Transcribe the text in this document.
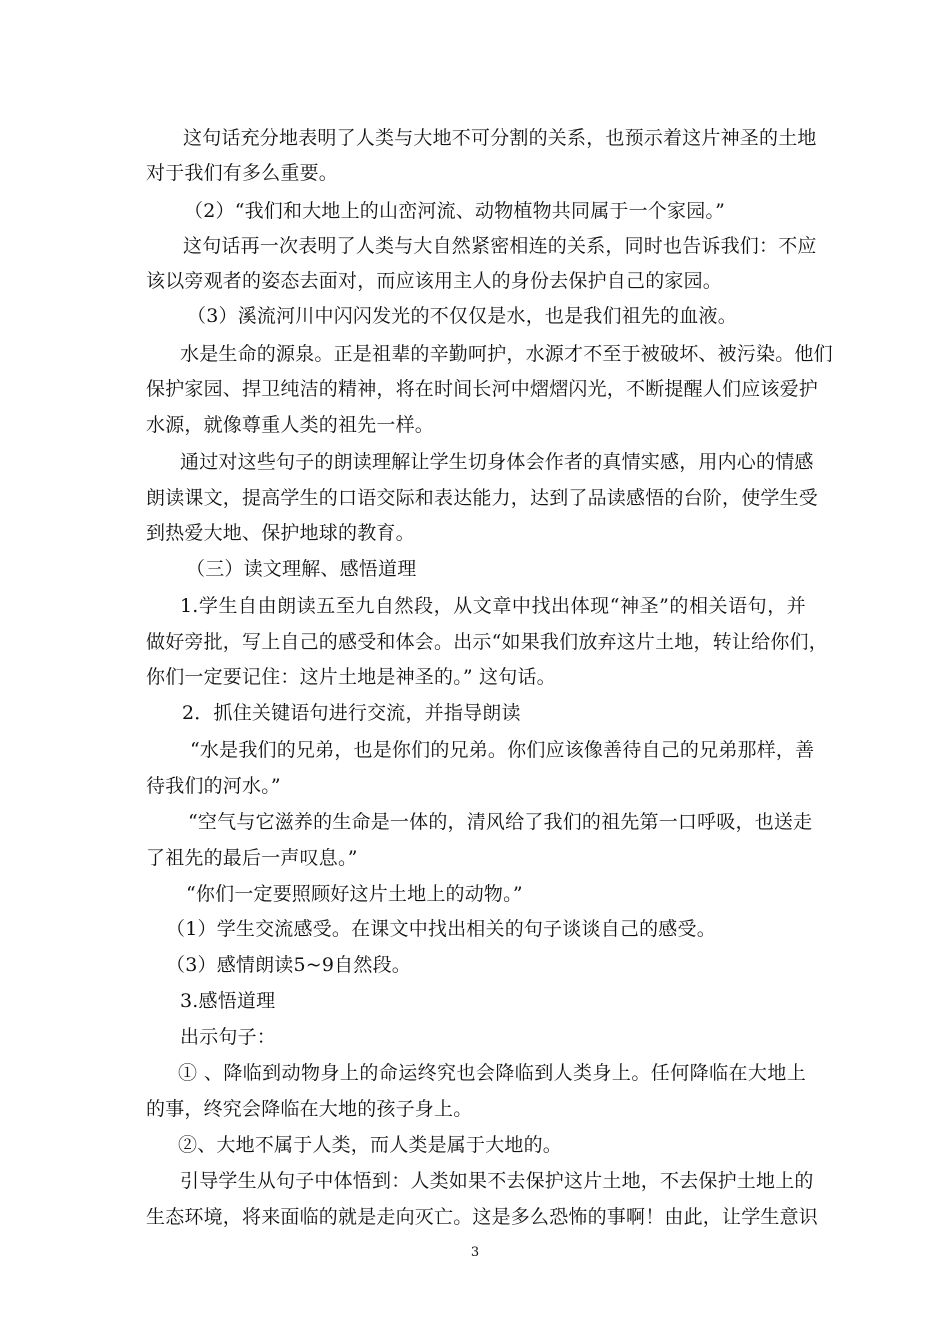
这句话充分地表明了人类与大地不可分割的关系，也预示着这片神圣的土地
对于我们有多么重要。
（2）“我们和大地上的山峦河流、动物植物共同属于一个家园。”
这句话再一次表明了人类与大自然紧密相连的关系，同时也告诉我们：不应
该以旁观者的姿态去面对，而应该用主人的身份去保护自己的家园。
（3）溪流河川中闪闪发光的不仅仅是水，也是我们祖先的血液。
水是生命的源泉。正是祖辈的辛勤呵护，水源才不至于被破坏、被污染。他们
保护家园、捍卫纯洁的精神，将在时间长河中熠熠闪光，不断提醒人们应该爱护
水源，就像尊重人类的祖先一样。
通过对这些句子的朗读理解让学生切身体会作者的真情实感，用内心的情感
朗读课文，提高学生的口语交际和表达能力，达到了品读感悟的台阶，使学生受
到热爱大地、保护地球的教育。
（三）读文理解、感悟道理
1.学生自由朗读五至九自然段，从文章中找出体现“神圣”的相关语句，并
做好旁批，写上自己的感受和体会。出示“如果我们放弃这片土地，转让给你们，
你们一定要记住：这片土地是神圣的。” 这句话。
2．抓住关键语句进行交流，并指导朗读
“水是我们的兄弟，也是你们的兄弟。你们应该像善待自己的兄弟那样，善
待我们的河水。”
“空气与它滋养的生命是一体的，清风给了我们的祖先第一口呼吸，也送走
了祖先的最后一声叹息。”
“你们一定要照顾好这片土地上的动物。”
（1）学生交流感受。在课文中找出相关的句子谈谈自己的感受。
（3）感情朗读5~9自然段。
3.感悟道理
出示句子：
① 、降临到动物身上的命运终究也会降临到人类身上。任何降临在大地上
的事，终究会降临在大地的孩子身上。
②、大地不属于人类，而人类是属于大地的。
引导学生从句子中体悟到：人类如果不去保护这片土地，不去保护土地上的
生态环境，将来面临的就是走向灭亡。这是多么恐怖的事啊！由此，让学生意识
3
